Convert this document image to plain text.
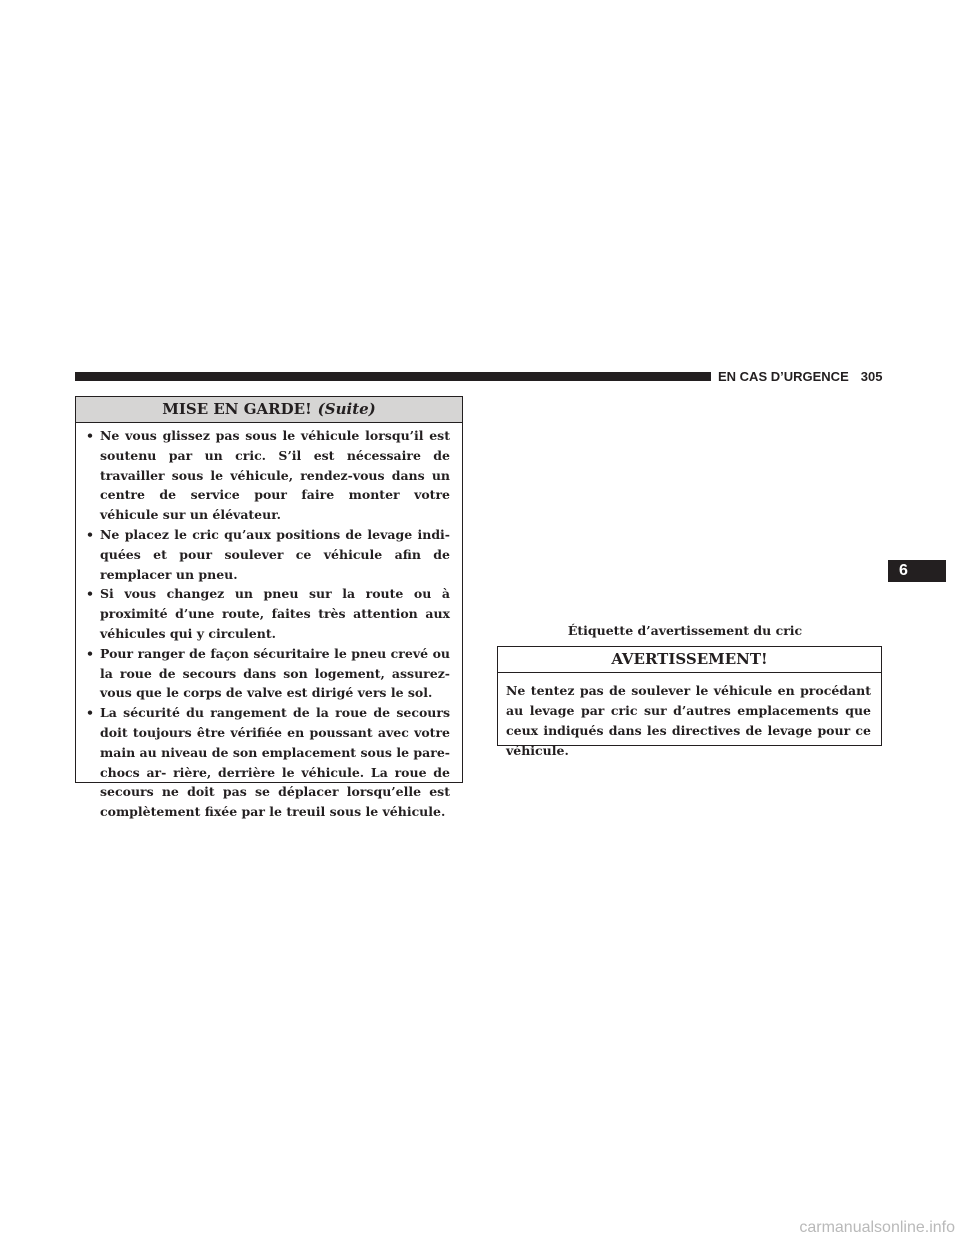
EN CAS D’URGENCE 305
6
MISE EN GARDE! (Suite)
• Ne vous glissez pas sous le véhicule lorsqu’il est soutenu par un cric. S’il est nécessaire de travailler sous le véhicule, rendez-vous dans un centre de service pour faire monter votre véhicule sur un élévateur.
• Ne placez le cric qu’aux positions de levage indi- quées et pour soulever ce véhicule afin de remplacer un pneu.
• Si vous changez un pneu sur la route ou à proximité d’une route, faites très attention aux véhicules qui y circulent.
• Pour ranger de façon sécuritaire le pneu crevé ou la roue de secours dans son logement, assurez-vous que le corps de valve est dirigé vers le sol.
• La sécurité du rangement de la roue de secours doit toujours être vérifiée en poussant avec votre main au niveau de son emplacement sous le pare-chocs ar- rière, derrière le véhicule. La roue de secours ne doit pas se déplacer lorsqu’elle est complètement fixée par le treuil sous le véhicule.
Étiquette d’avertissement du cric
AVERTISSEMENT!

Ne tentez pas de soulever le véhicule en procédant au levage par cric sur d’autres emplacements que ceux indiqués dans les directives de levage pour ce véhicule.

carmanualsonline.info
